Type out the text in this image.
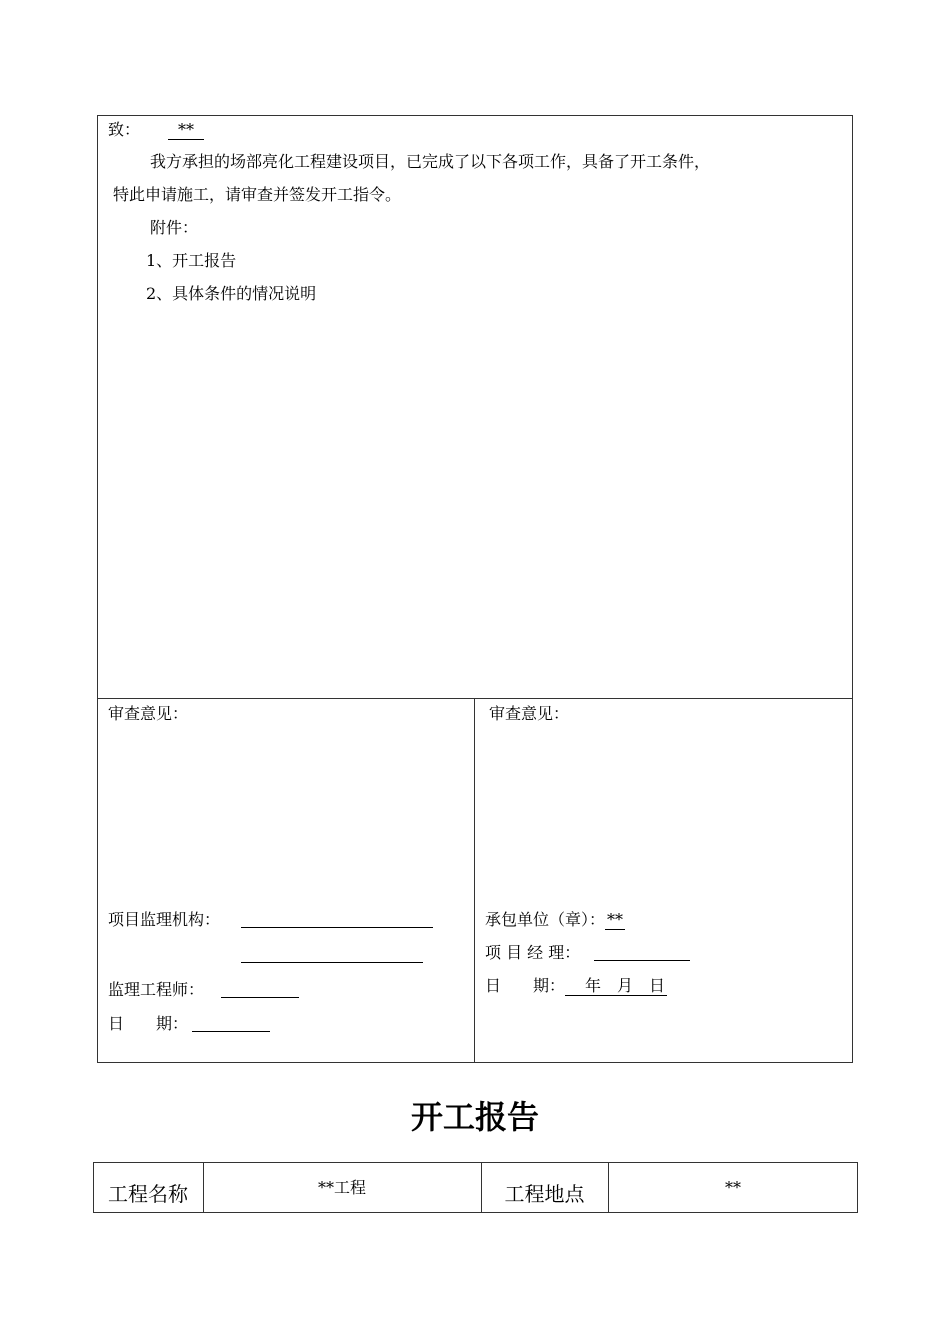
致： **
我方承担的场部亮化工程建设项目，已完成了以下各项工作，具备了开工条件，
特此申请施工，请审查并签发开工指令。
附件：
1、开工报告
2、具体条件的情况说明
审查意见：
项目监理机构：
监理工程师：
日　　期：
审查意见：
承包单位（章）： **
项 目 经 理：
日　　期： 年　月　日
开工报告
工程名称	**工程	工程地点	**
